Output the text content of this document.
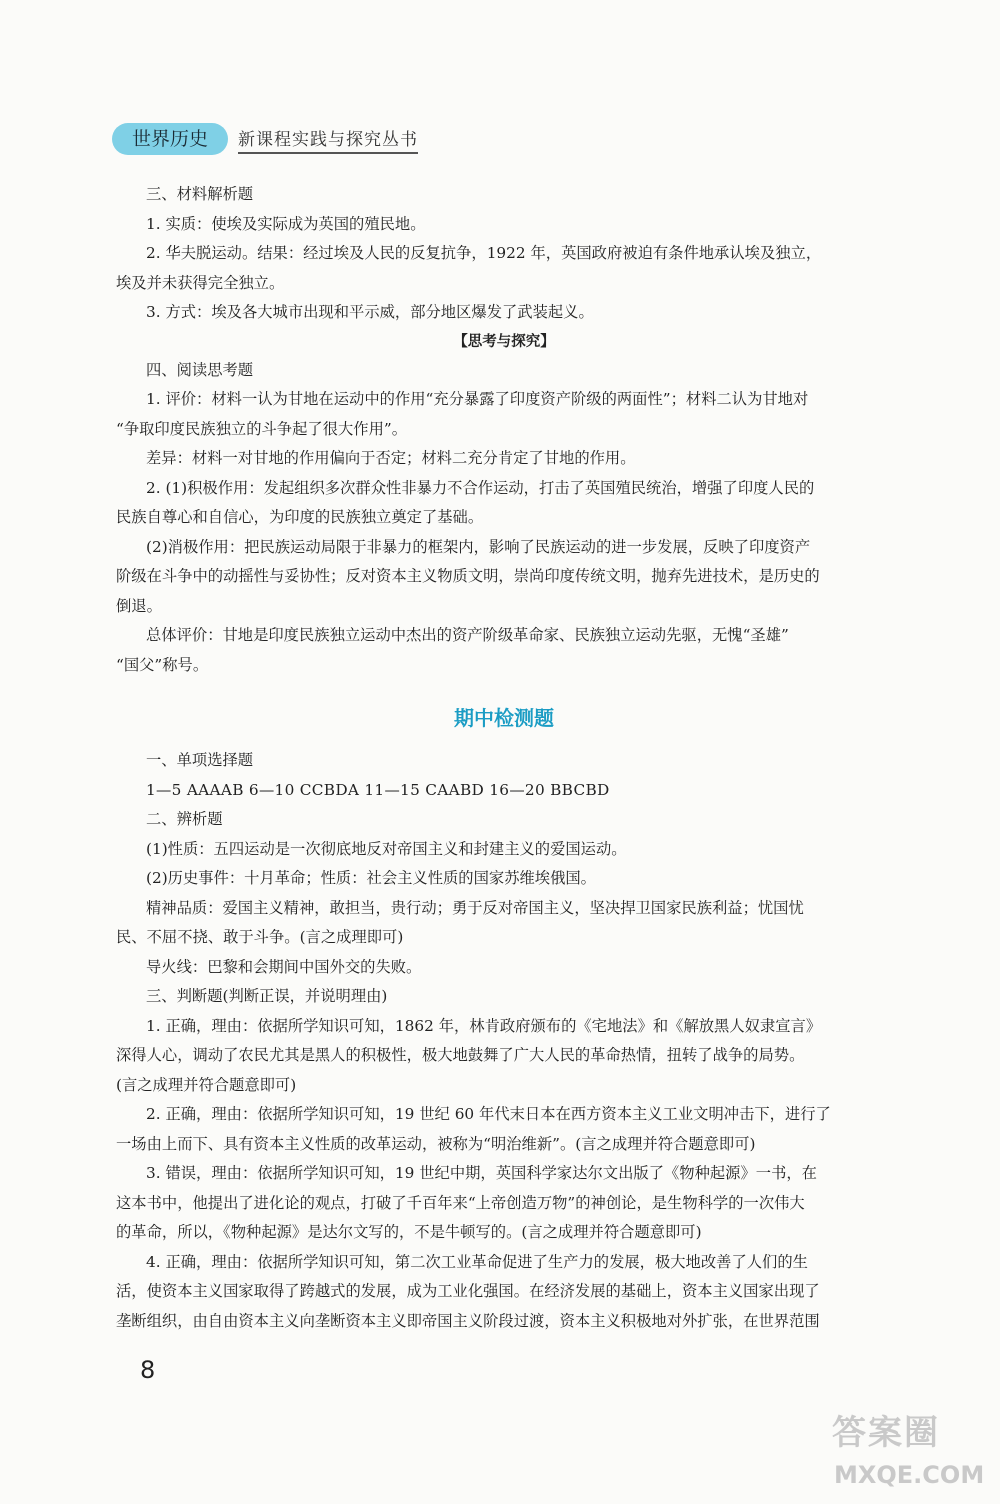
世界历史	新课程实践与探究丛书

三、材料解析题

1. 实质：使埃及实际成为英国的殖民地。

2. 华夫脱运动。结果：经过埃及人民的反复抗争，1922 年，英国政府被迫有条件地承认埃及独立，

埃及并未获得完全独立。

3. 方式：埃及各大城市出现和平示威，部分地区爆发了武装起义。

【思考与探究】

四、阅读思考题

1. 评价：材料一认为甘地在运动中的作用“充分暴露了印度资产阶级的两面性”；材料二认为甘地对

“争取印度民族独立的斗争起了很大作用”。

差异：材料一对甘地的作用偏向于否定；材料二充分肯定了甘地的作用。

2. (1)积极作用：发起组织多次群众性非暴力不合作运动，打击了英国殖民统治，增强了印度人民的

民族自尊心和自信心，为印度的民族独立奠定了基础。

(2)消极作用：把民族运动局限于非暴力的框架内，影响了民族运动的进一步发展，反映了印度资产

阶级在斗争中的动摇性与妥协性；反对资本主义物质文明，崇尚印度传统文明，抛弃先进技术，是历史的

倒退。

总体评价：甘地是印度民族独立运动中杰出的资产阶级革命家、民族独立运动先驱，无愧“圣雄”

“国父”称号。

期中检测题

一、单项选择题

1—5 AAAAB 6—10 CCBDA 11—15 CAABD 16—20 BBCBD

二、辨析题

(1)性质：五四运动是一次彻底地反对帝国主义和封建主义的爱国运动。

(2)历史事件：十月革命；性质：社会主义性质的国家苏维埃俄国。

精神品质：爱国主义精神，敢担当，贵行动；勇于反对帝国主义，坚决捍卫国家民族利益；忧国忧

民、不屈不挠、敢于斗争。(言之成理即可)

导火线：巴黎和会期间中国外交的失败。

三、判断题(判断正误，并说明理由)

1. 正确，理由：依据所学知识可知，1862 年，林肯政府颁布的《宅地法》和《解放黑人奴隶宣言》

深得人心，调动了农民尤其是黑人的积极性，极大地鼓舞了广大人民的革命热情，扭转了战争的局势。

(言之成理并符合题意即可)

2. 正确，理由：依据所学知识可知，19 世纪 60 年代末日本在西方资本主义工业文明冲击下，进行了

一场由上而下、具有资本主义性质的改革运动，被称为“明治维新”。(言之成理并符合题意即可)

3. 错误，理由：依据所学知识可知，19 世纪中期，英国科学家达尔文出版了《物种起源》一书，在

这本书中，他提出了进化论的观点，打破了千百年来“上帝创造万物”的神创论，是生物科学的一次伟大

的革命，所以，《物种起源》是达尔文写的，不是牛顿写的。(言之成理并符合题意即可)

4. 正确，理由：依据所学知识可知，第二次工业革命促进了生产力的发展，极大地改善了人们的生

活，使资本主义国家取得了跨越式的发展，成为工业化强国。在经济发展的基础上，资本主义国家出现了

垄断组织，由自由资本主义向垄断资本主义即帝国主义阶段过渡，资本主义积极地对外扩张，在世界范围

8
答案圈
MXQE.COM
